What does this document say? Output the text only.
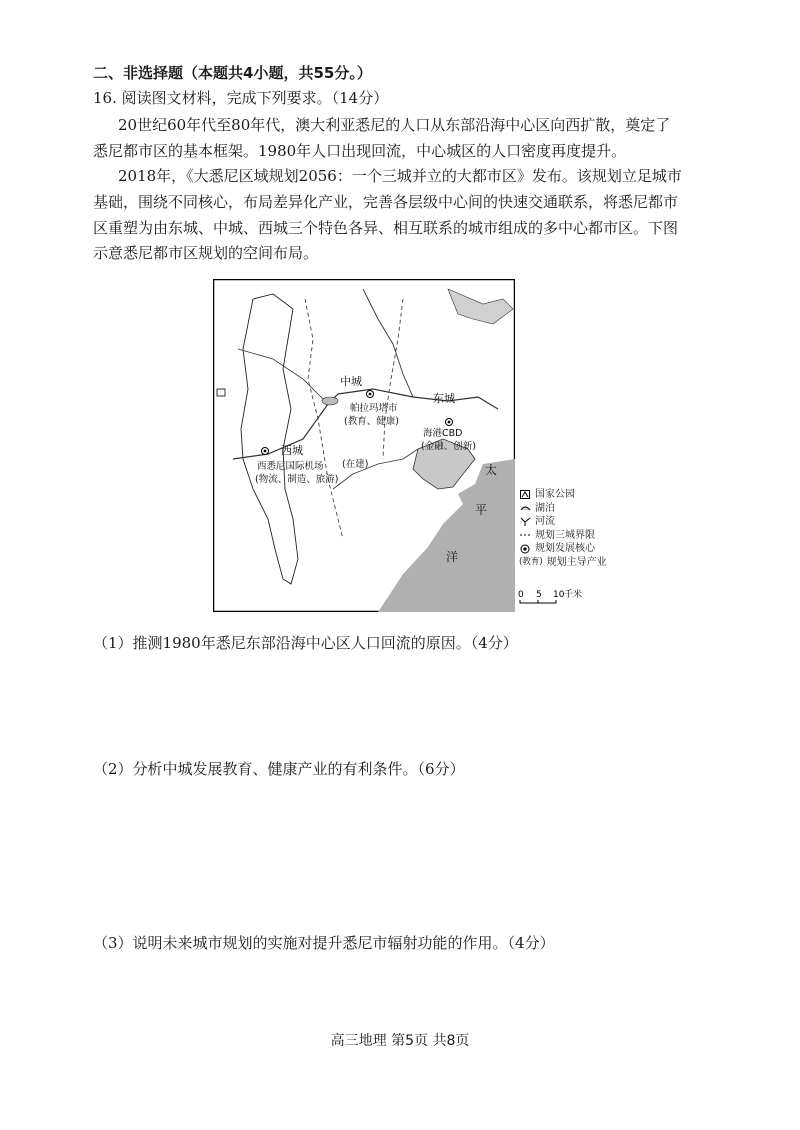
二、非选择题（本题共4小题，共55分。）
16. 阅读图文材料，完成下列要求。（14分）
20世纪60年代至80年代，澳大利亚悉尼的人口从东部沿海中心区向西扩散，奠定了
悉尼都市区的基本框架。1980年人口出现回流，中心城区的人口密度再度提升。
2018年，《大悉尼区域规划2056：一个三城并立的大都市区》发布。该规划立足城市
基础，围绕不同核心，布局差异化产业，完善各层级中心间的快速交通联系，将悉尼都市
区重塑为由东城、中城、西城三个特色各异、相互联系的城市组成的多中心都市区。下图
示意悉尼都市区规划的空间布局。
中城
帕拉玛塔市
(教育、健康)
东城
海港CBD
(金融、创新)
西城
西悉尼国际机场 (在建)
(物流、制造、旅游)
太
平
洋
国家公园
湖泊
河流
规划三城界限
规划发展核心
(教育) 规划主导产业
0 5 10 千米
（1）推测1980年悉尼东部沿海中心区人口回流的原因。（4分）
（2）分析中城发展教育、健康产业的有利条件。（6分）
（3）说明未来城市规划的实施对提升悉尼市辐射功能的作用。（4分）
高三地理 第5页 共8页
